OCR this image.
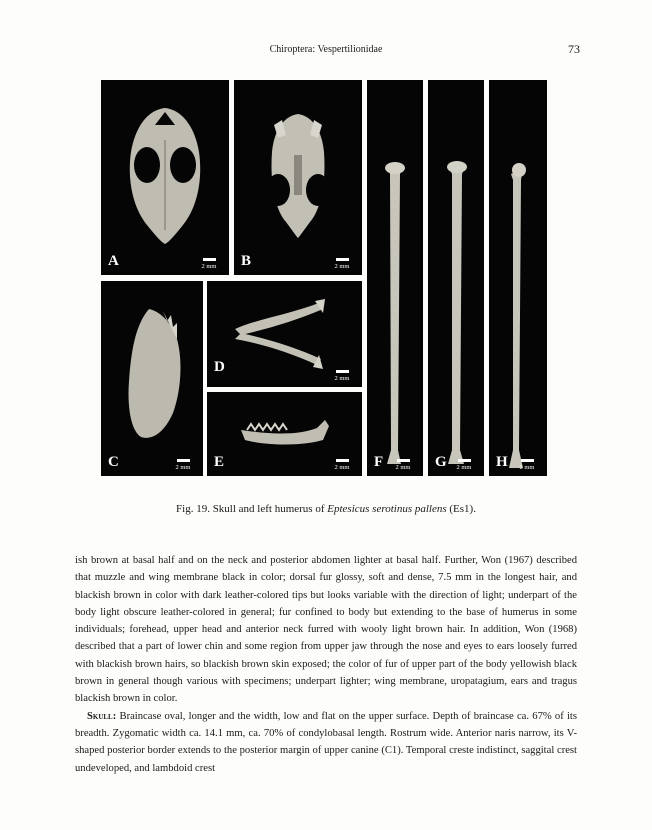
Chiroptera: Vespertilionidae	73
A	2 mm	B	2 mm
C	2 mm
D
2 mm
E	2 mm	F	2 mm	G	2 mm	H	2 mm
Fig. 19. Skull and left humerus of Eptesicus serotinus pallens (Es1).

ish brown at basal half and on the neck and posterior abdomen lighter at basal half. Further, Won (1967) described that muzzle and wing membrane black in color; dorsal fur glossy, soft and dense, 7.5 mm in the longest hair, and blackish brown in color with dark leather-colored tips but looks variable with the direction of light; underpart of the body light obscure leather-colored in general; fur confined to body but extending to the base of humerus in some individuals; forehead, upper head and anterior neck furred with wooly light brown hair. In addition, Won (1968) described that a part of lower chin and some region from upper jaw through the nose and eyes to ears loosely furred with blackish brown hairs, so blackish brown skin exposed; the color of fur of upper part of the body yellowish black brown in general though various with specimens; underpart lighter; wing membrane, uropatagium, ears and tragus blackish brown in color.

Skull: Braincase oval, longer and the width, low and flat on the upper surface. Depth of braincase ca. 67% of its breadth. Zygomatic width ca. 14.1 mm, ca. 70% of condylobasal length. Rostrum wide. Anterior naris narrow, its V-shaped posterior border extends to the posterior margin of upper canine (C1). Temporal creste indistinct, saggital crest undeveloped, and lambdoid crest
